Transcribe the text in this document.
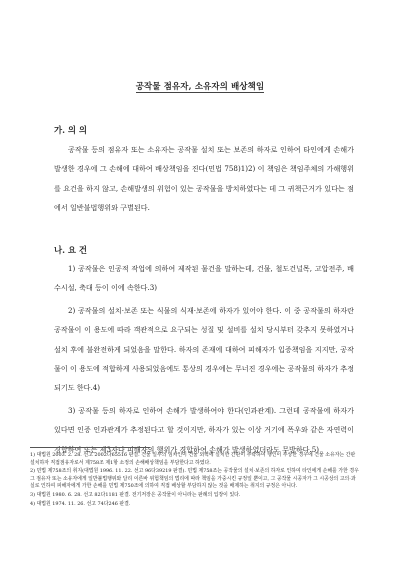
공작물 점유자, 소유자의 배상책임
가. 의 의

공작물 등의 점유자 또는 소유자는 공작물 설치 또는 보존의 하자로 인하여 타인에게 손해가 발생한 경우에 그 손해에 대하여 배상책임을 진다(민법 758)1)2) 이 책임은 책임주체의 가해행위를 요건을 하지 않고, 손해발생의 위험이 있는 공작물을 방치하였다는 데 그 귀책근거가 있다는 점에서 일반불법행위와 구별된다.

나. 요 건

1) 공작물은 인공적 작업에 의하여 제작된 물건을 말하는데, 건물, 철도건널목, 고압전주, 배수시설, 축대 등이 이에 속한다.3)

2) 공작물의 설치·보존 또는 식물의 식재·보존에 하자가 있어야 한다. 이 중 공작물의 하자란 공작물이 이 용도에 따라 객관적으로 요구되는 성질 및 설비를 설치 당시부터 갖추지 못하였거나 설치 후에 불완전하게 되었음을 말한다. 하자의 존재에 대하여 피해자가 입증책임을 지지만, 공작물이 이 용도에 적합하게 사용되었음에도 통상의 경우에는 무너진 경우에는 공작물의 하자가 추정되기도 한다.4)

3) 공작물 등의 하자로 인하여 손해가 발생하여야 한다(인과관계). 그런데 공작물에 하자가 있다면 인증 인과관계가 추정된다고 할 것이지만, 하자가 있는 이상 거기에 폭우와 같은 자연력이 경합하여 또는 제3자나 피해자의 행위가 경합하여 손해가 발생하였더라도 무방하다.5)

1) 대법원 2003. 2. 28. 선고 2002다65516 판결. 건물 일부의 임차인이 건물 외벽에 설치한 간판이 추락하여 행인이 부상한 경우에 건물 소유자는 간판 설치하자 직접점유자로서 제758조 제1항 소정의 손해배상책임을 부담한다고 하였다.
2) 민법 제758조의 취지(대법원 1996. 11. 22. 선고 96다39219 판결). 민법 제758조는 공작물의 설치·보존의 하자로 인하여 타인에게 손해를 가한 경우 그 점유자 또는 소유자에게 일반불법행위와 달리 이른바 위험책임의 법리에 따라 책임을 가중시킨 규정일 뿐이고, 그 공작물 시공자가 그 시공상의 고의·과실로 인하여 피해자에게 가한 손해를 민법 제750조에 의하여 직접 배상할 부담하지 않는 것을 배제하는 취지의 규정은 아니다.
3) 대법원 1980. 6. 28. 선고 82다1181 판결. 전기저장은 공작물이 아니라는 판례의 입장이 있다.
4) 대법원 1974. 11. 26. 선고 74다246 판결.
